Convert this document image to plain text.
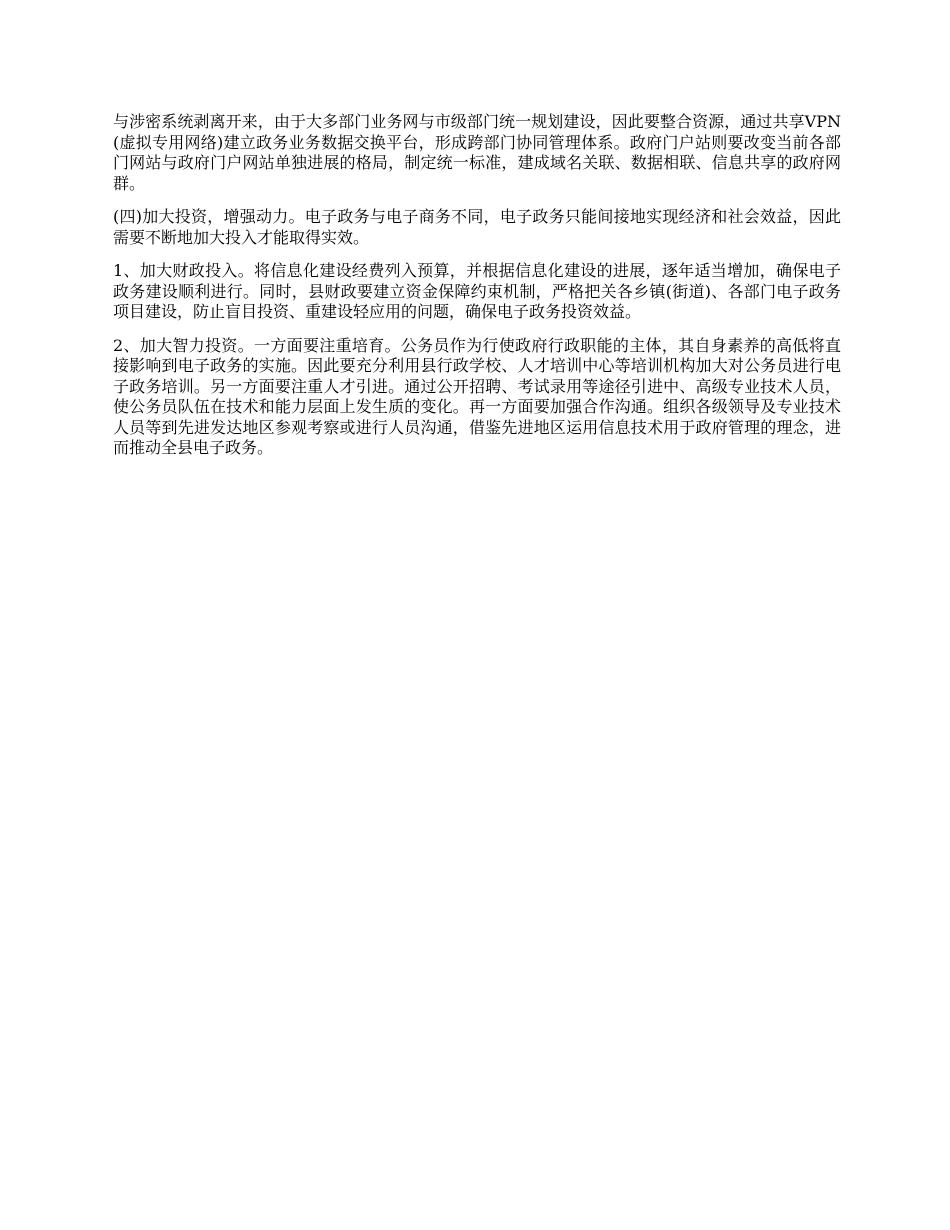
与涉密系统剥离开来，由于大多部门业务网与市级部门统一规划建设，因此要整合资源，通过共享VPN(虚拟专用网络)建立政务业务数据交换平台，形成跨部门协同管理体系。政府门户站则要改变当前各部门网站与政府门户网站单独进展的格局，制定统一标准，建成域名关联、数据相联、信息共享的政府网群。

(四)加大投资，增强动力。电子政务与电子商务不同，电子政务只能间接地实现经济和社会效益，因此需要不断地加大投入才能取得实效。

1、加大财政投入。将信息化建设经费列入预算，并根据信息化建设的进展，逐年适当增加，确保电子政务建设顺利进行。同时，县财政要建立资金保障约束机制，严格把关各乡镇(街道)、各部门电子政务项目建设，防止盲目投资、重建设轻应用的问题，确保电子政务投资效益。

2、加大智力投资。一方面要注重培育。公务员作为行使政府行政职能的主体，其自身素养的高低将直接影响到电子政务的实施。因此要充分利用县行政学校、人才培训中心等培训机构加大对公务员进行电子政务培训。另一方面要注重人才引进。通过公开招聘、考试录用等途径引进中、高级专业技术人员，使公务员队伍在技术和能力层面上发生质的变化。再一方面要加强合作沟通。组织各级领导及专业技术人员等到先进发达地区参观考察或进行人员沟通，借鉴先进地区运用信息技术用于政府管理的理念，进而推动全县电子政务。
